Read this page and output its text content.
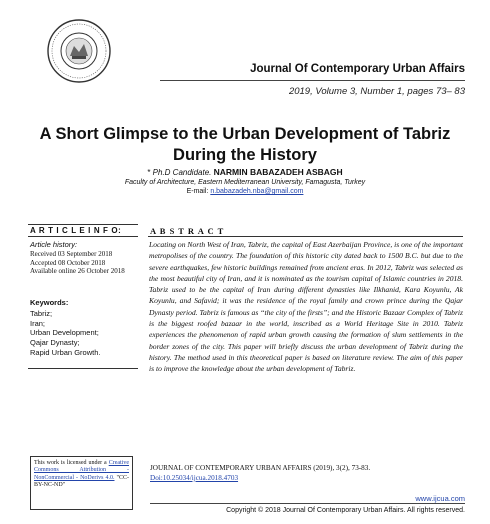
Journal Of Contemporary Urban Affairs
2019, Volume 3, Number 1, pages 73– 83
A Short Glimpse to the Urban Development of Tabriz
During the History
* Ph.D Candidate. NARMIN BABAZADEH ASBAGH
Faculty of Architecture, Eastern Mediterranean University, Famagusta, Turkey
E-mail: n.babazadeh.nba@gmail.com
A R T I C L E I N F O:
Article history:
Received 03 September 2018
Accepted 08 October 2018
Available online 26 October 2018
Keywords:
Tabriz;
Iran;
Urban Development;
Qajar Dynasty;
Rapid Urban Growth.
A B S T R A C T
Locating on North West of Iran, Tabriz, the capital of East Azerbaijan Province, is one of the important metropolises of the country. The foundation of this historic city dated back to 1500 B.C. but due to the severe earthquakes, few historic buildings remained from ancient eras. In 2012, Tabriz was selected as the most beautiful city of Iran, and it is nominated as the tourism capital of Islamic countries in 2018. Tabriz used to be the capital of Iran during different dynasties like Ilkhanid, Kara Koyunlu, Ak Koyunlu, and Safavid; it was the residence of the royal family and crown prince during the Qajar Dynasty period. Tabriz is famous as “the city of the firsts”; and the Historic Bazaar Complex of Tabriz is the biggest roofed bazaar in the world, inscribed as a World Heritage Site in 2010. Tabriz experiences the phenomenon of rapid urban growth causing the formation of slum settlements in the border zones of the city. This paper will briefly discuss the urban development of Tabriz during the history. The method used in this theoretical paper is based on literature review. The aim of this paper is to improve the knowledge about the urban development of Tabriz.
This work is licensed under a Creative Commons Attribution - NonCommercial - NoDerivs 4.0. "CC-BY-NC-ND"
JOURNAL OF CONTEMPORARY URBAN AFFAIRS (2019), 3(2), 73-83.
Doi:10.25034/ijcua.2018.4703
www.ijcua.com
Copyright © 2018 Journal Of Contemporary Urban Affairs. All rights reserved.
